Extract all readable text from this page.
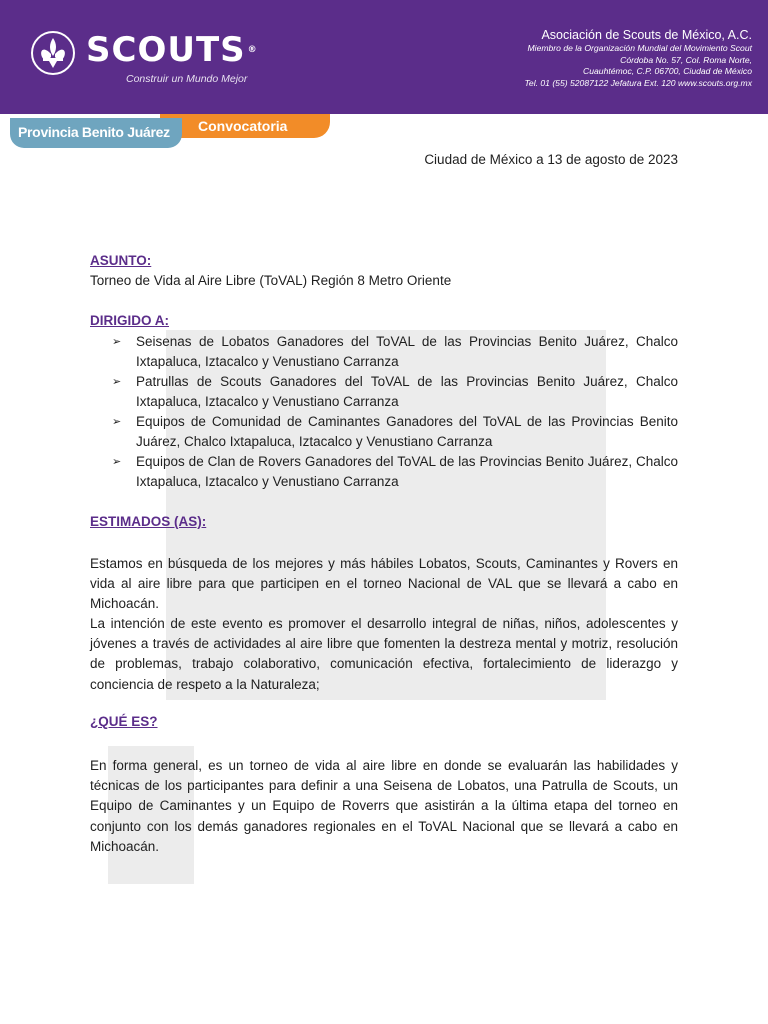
SCOUTS ®
Construir un Mundo Mejor
Asociación de Scouts de México, A.C.
Miembro de la Organización Mundial del Movimiento Scout
Córdoba No. 57, Col. Roma Norte,
Cuauhtémoc, C.P. 06700, Ciudad de México
Tel. 01 (55) 52087122 Jefatura Ext. 120 www.scouts.org.mx
Provincia Benito Juárez Convocatoria
Ciudad de México a 13 de agosto de 2023
ASUNTO:
Torneo de Vida al Aire Libre (ToVAL) Región 8 Metro Oriente
DIRIGIDO A:
➢ Seisenas de Lobatos Ganadores del ToVAL de las Provincias Benito Juárez, Chalco Ixtapaluca, Iztacalco y Venustiano Carranza
➢ Patrullas de Scouts Ganadores del ToVAL de las Provincias Benito Juárez, Chalco Ixtapaluca, Iztacalco y Venustiano Carranza
➢ Equipos de Comunidad de Caminantes Ganadores del ToVAL de las Provincias Benito Juárez, Chalco Ixtapaluca, Iztacalco y Venustiano Carranza
➢ Equipos de Clan de Rovers Ganadores del ToVAL de las Provincias Benito Juárez, Chalco Ixtapaluca, Iztacalco y Venustiano Carranza
ESTIMADOS (AS):
Estamos en búsqueda de los mejores y más hábiles Lobatos, Scouts, Caminantes y Rovers en vida al aire libre para que participen en el torneo Nacional de VAL que se llevará a cabo en Michoacán.
La intención de este evento es promover el desarrollo integral de niñas, niños, adolescentes y jóvenes a través de actividades al aire libre que fomenten la destreza mental y motriz, resolución de problemas, trabajo colaborativo, comunicación efectiva, fortalecimiento de liderazgo y conciencia de respeto a la Naturaleza;
¿QUÉ ES?
En forma general, es un torneo de vida al aire libre en donde se evaluarán las habilidades y técnicas de los participantes para definir a una Seisena de Lobatos, una Patrulla de Scouts, un Equipo de Caminantes y un Equipo de Roverrs que asistirán a la última etapa del torneo en conjunto con los demás ganadores regionales en el ToVAL Nacional que se llevará a cabo en Michoacán.
